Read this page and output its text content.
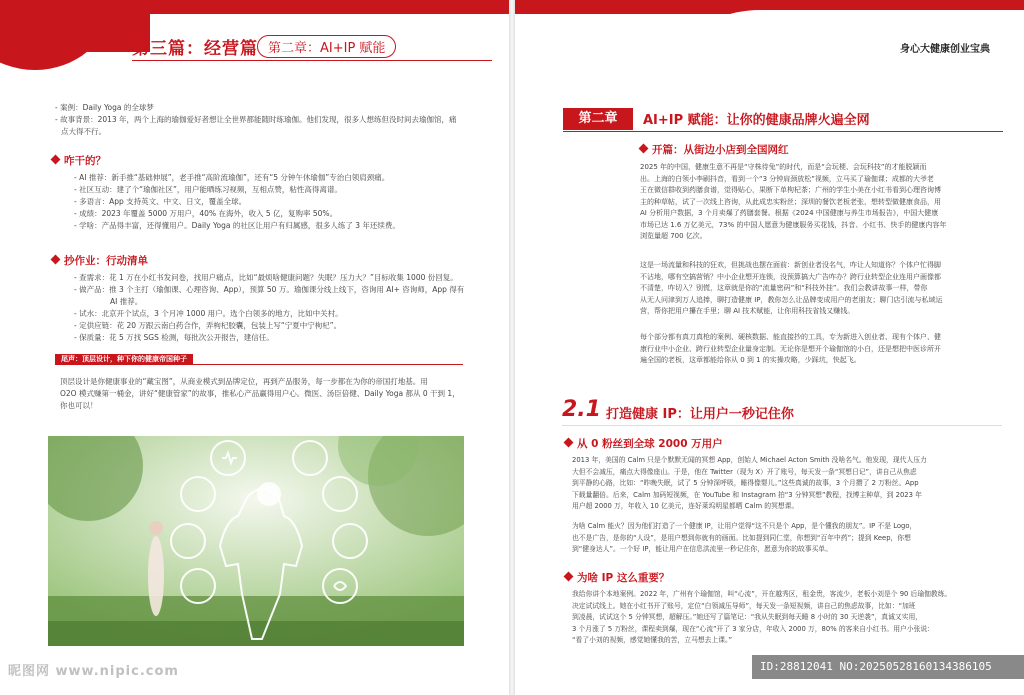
第三篇：经营篇 第二章：AI+IP 赋能

- 案例：Daily Yoga 的全球梦

- 故事背景：2013 年，两个上海的瑜伽爱好者想让全世界都能随时练瑜伽。他们发现，很多人想练但没时间去瑜伽馆，痛

点大得不行。

咋干的？

- AI 推荐：新手推“基础伸展”，老手推“高阶流瑜伽”，还有“5 分钟午休瑜伽”专治白领肩颈痛。

- 社区互动：建了个“瑜伽社区”，用户能晒练习视频，互相点赞，粘性高得离谱。

- 多语言：App 支持英文、中文、日文，覆盖全球。

- 成绩：2023 年覆盖 5000 万用户，40% 在海外，收入 5 亿，复购率 50%。

- 学啥：产品得丰富，还得懂用户。Daily Yoga 的社区让用户有归属感，很多人练了 3 年还续费。

抄作业：行动清单

- 查需求：花 1 万在小红书发问卷，找用户痛点，比如“最烦啥健康问题？失眠？压力大？”目标收集 1000 份回复。

- 做产品：推 3 个主打（瑜伽课、心理咨询、App），预算 50 万。瑜伽课分线上线下，咨询用 AI+ 咨询师，App 得有

AI 推荐。

- 试水：北京开个试点，3 个月冲 1000 用户。选个白领多的地方，比如中关村。

- 定供应链：花 20 万跟云南白药合作，弄枸杞胶囊，包装上写“宁夏中宁枸杞”。

- 保质量：花 5 万找 SGS 检测，每批次公开报告，建信任。

尾声：顶层设计，种下你的健康帝国种子

顶层设计是你健康事业的“藏宝图”，从商业模式到品牌定位，再到产品服务，每一步都在为你的帝国打地基。用

O2O 模式赚第一桶金，讲好“健康管家”的故事，推私心产品赢得用户心。微医、汤臣倍健、Daily Yoga 都从 0 干到 1，

你也可以！

身心大健康创业宝典
第二章	AI+IP 赋能：让你的健康品牌火遍全网
开篇：从街边小店到全国网红

2025 年的中国，健康生意不再是“守株待兔”的时代，而是“会玩梗、会玩科技”的才能脱颖而

出。上海的白领小李刷抖音，看到一个“3 分钟肩颈放松”视频，立马买了瑜伽课；成都的大爷老

王在微信群收到药膳食谱，觉得贴心，果断下单枸杞茶；广州的学生小美在小红书看到心理咨询博

主的种草帖，试了一次线上咨询，从此成忠实粉丝；深圳的餐饮老板老张，想转型做健康食品，用

AI 分析用户数据，3 个月卖爆了药膳套餐。根据《2024 中国健康与养生市场报告》，中国大健康

市场已达 1.6 万亿美元，73% 的中国人愿意为健康服务买花钱，抖音、小红书、快手的健康内容年

浏览量超 700 亿次。

这是一场流量和科技的狂欢，但挑战也摆在面前：新创业者没名气，咋让人知道你？个体户忙得脚

不沾地，哪有空搞营销？中小企业想开连锁，没预算搞大广告咋办？跨行业转型企业连用户画像都

不清楚，咋切入？别慌，这章就是你的“流量密码”和“科技外挂”。我们会教讲故事一样，带你

从无人问津到万人追捧，聊打造健康 IP，教你怎么让品牌变成用户的老朋友；聊门店引流与私域运

营，帮你把用户攥在手里；聊 AI 技术赋能，让你用科技省钱又赚钱。

每个部分都有真刀真枪的案例、硬核数据、能直接抄的工具，专为新进入创业者、现有个体户、健

康行业中小企业、跨行业转型企业量身定制。无论你是想开个瑜伽馆的小白，还是想把中医诊所开

遍全国的老板，这章都能给你从 0 到 1 的实操攻略，少踩坑，快起飞。

2.1 打造健康 IP：让用户一秒记住你
从 0 粉丝到全球 2000 万用户

2013 年，美国的 Calm 只是个默默无闻的冥想 App，创始人 Michael Acton Smith 没啥名气。他发现，现代人压力

大但不会减压，痛点大得像座山。于是，他在 Twitter（现为 X）开了账号，每天发一条“冥想日记”，讲自己从焦虑

到平静的心路，比如：“昨晚失眠，试了 5 分钟深呼吸，睡得像婴儿。”这些真诚的故事，3 个月攒了 2 万粉丝。App

下载量翻倍。后来，Calm 加码短视频，在 YouTube 和 Instagram 拍“3 分钟冥想”教程，找博主种草，到 2023 年

用户超 2000 万，年收入 10 亿美元，连好莱坞明星都晒 Calm 的冥想课。

为啥 Calm 能火？因为他们打造了一个健康 IP，让用户觉得“这不只是个 App，是个懂我的朋友”。IP 不是 Logo，

也不是广告，是你的“人设”，是用户想到你就有的画面。比如提到同仁堂，你想到“百年中药”；提到 Keep，你想

到“健身达人”。一个好 IP，能让用户在信息洪流里一秒记住你，愿意为你的故事买单。

为啥 IP 这么重要？

我给你讲个本地案例。2022 年，广州有个瑜伽馆，叫“心流”，开在越秀区，租金贵，客流少，老板小刘是个 90 后瑜伽教练。

决定试试线上。她在小红书开了账号，定位“白领减压导师”，每天发一条短视频，讲自己的焦虑故事，比如：“加班

到凌晨，试试这个 5 分钟冥想，超解压。”她还写了篇笔记：“我从失眠到每天睡 8 小时的 30 天逆袭”，真诚又实用，

3 个月涨了 5 万粉丝，课程卖到爆，现在“心流”开了 3 家分店，年收入 2000 万，80% 的客来自小红书。用户小张说：

“看了小刘的视频，感觉她懂我的苦，立马想去上课。”

昵图网 www.nipic.com	ID:28812041 NO:20250528160134386105
